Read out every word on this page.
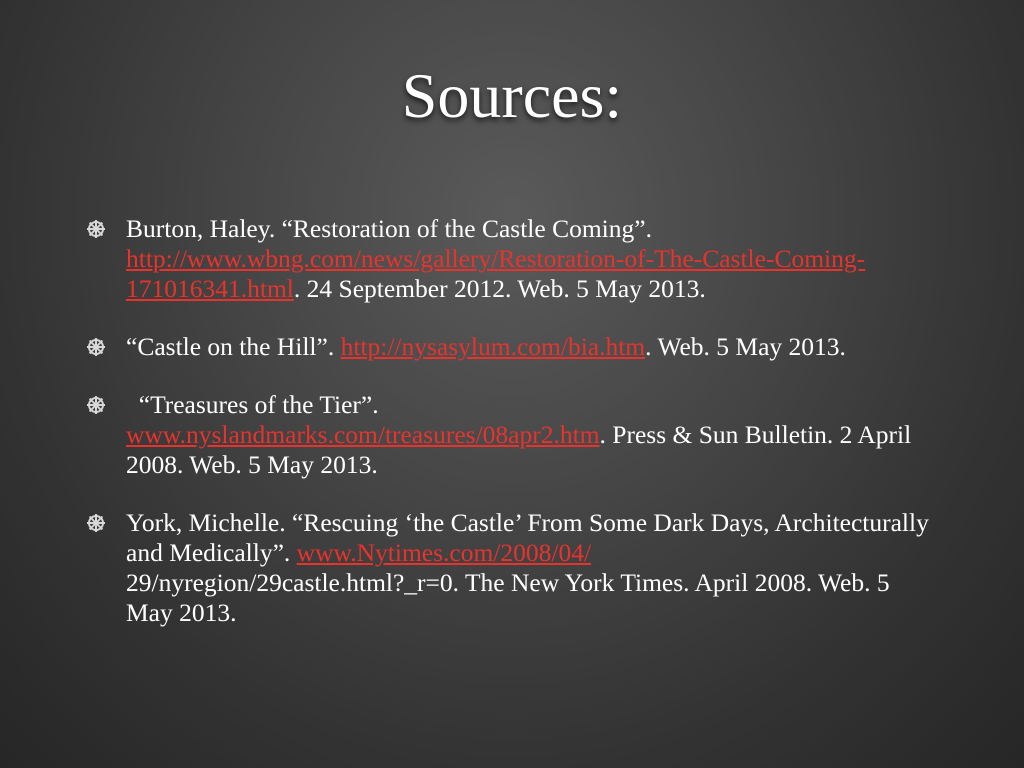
Sources:
Burton, Haley. “Restoration of the Castle Coming”. http://www.wbng.com/news/gallery/Restoration-of-The-Castle-Coming-171016341.html. 24 September 2012. Web. 5 May 2013.
“Castle on the Hill”. http://nysasylum.com/bia.htm. Web. 5 May 2013.
“Treasures of the Tier”.
www.nyslandmarks.com/treasures/08apr2.htm. Press & Sun Bulletin. 2 April 2008. Web. 5 May 2013.
York, Michelle. “Rescuing ‘the Castle’ From Some Dark Days, Architecturally and Medically”. www.Nytimes.com/2008/04/
29/nyregion/29castle.html?_r=0. The New York Times. April 2008. Web. 5 May 2013.
